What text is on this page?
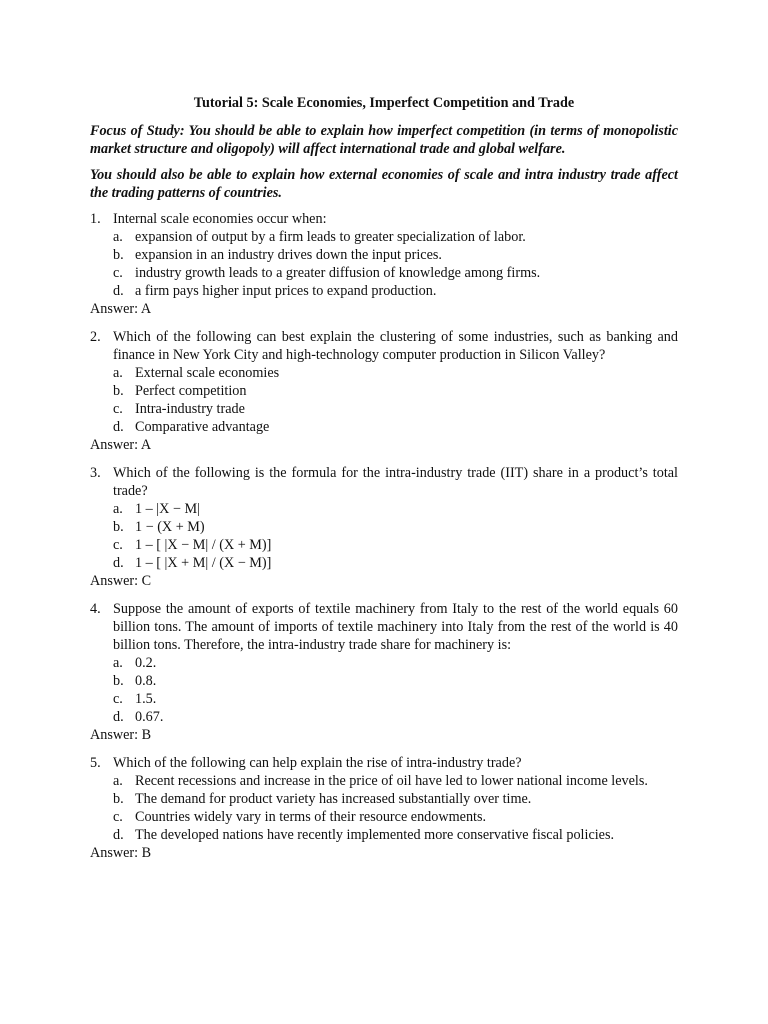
Tutorial 5: Scale Economies, Imperfect Competition and Trade

Focus of Study: You should be able to explain how imperfect competition (in terms of monopolistic market structure and oligopoly) will affect international trade and global welfare.

You should also be able to explain how external economies of scale and intra industry trade affect the trading patterns of countries.

1. Internal scale economies occur when:
a. expansion of output by a firm leads to greater specialization of labor.
b. expansion in an industry drives down the input prices.
c. industry growth leads to a greater diffusion of knowledge among firms.
d. a firm pays higher input prices to expand production.
Answer: A
2. Which of the following can best explain the clustering of some industries, such as banking and finance in New York City and high-technology computer production in Silicon Valley?
a. External scale economies
b. Perfect competition
c. Intra-industry trade
d. Comparative advantage
Answer: A
3. Which of the following is the formula for the intra-industry trade (IIT) share in a product’s total trade?
a. 1 – |X − M|
b. 1 − (X + M)
c. 1 – [ |X − M| / (X + M)]
d. 1 – [ |X + M| / (X − M)]
Answer: C
4. Suppose the amount of exports of textile machinery from Italy to the rest of the world equals 60 billion tons. The amount of imports of textile machinery into Italy from the rest of the world is 40 billion tons. Therefore, the intra-industry trade share for machinery is:
a. 0.2.
b. 0.8.
c. 1.5.
d. 0.67.
Answer: B
5. Which of the following can help explain the rise of intra-industry trade?
a. Recent recessions and increase in the price of oil have led to lower national income levels.
b. The demand for product variety has increased substantially over time.
c. Countries widely vary in terms of their resource endowments.
d. The developed nations have recently implemented more conservative fiscal policies.
Answer: B
